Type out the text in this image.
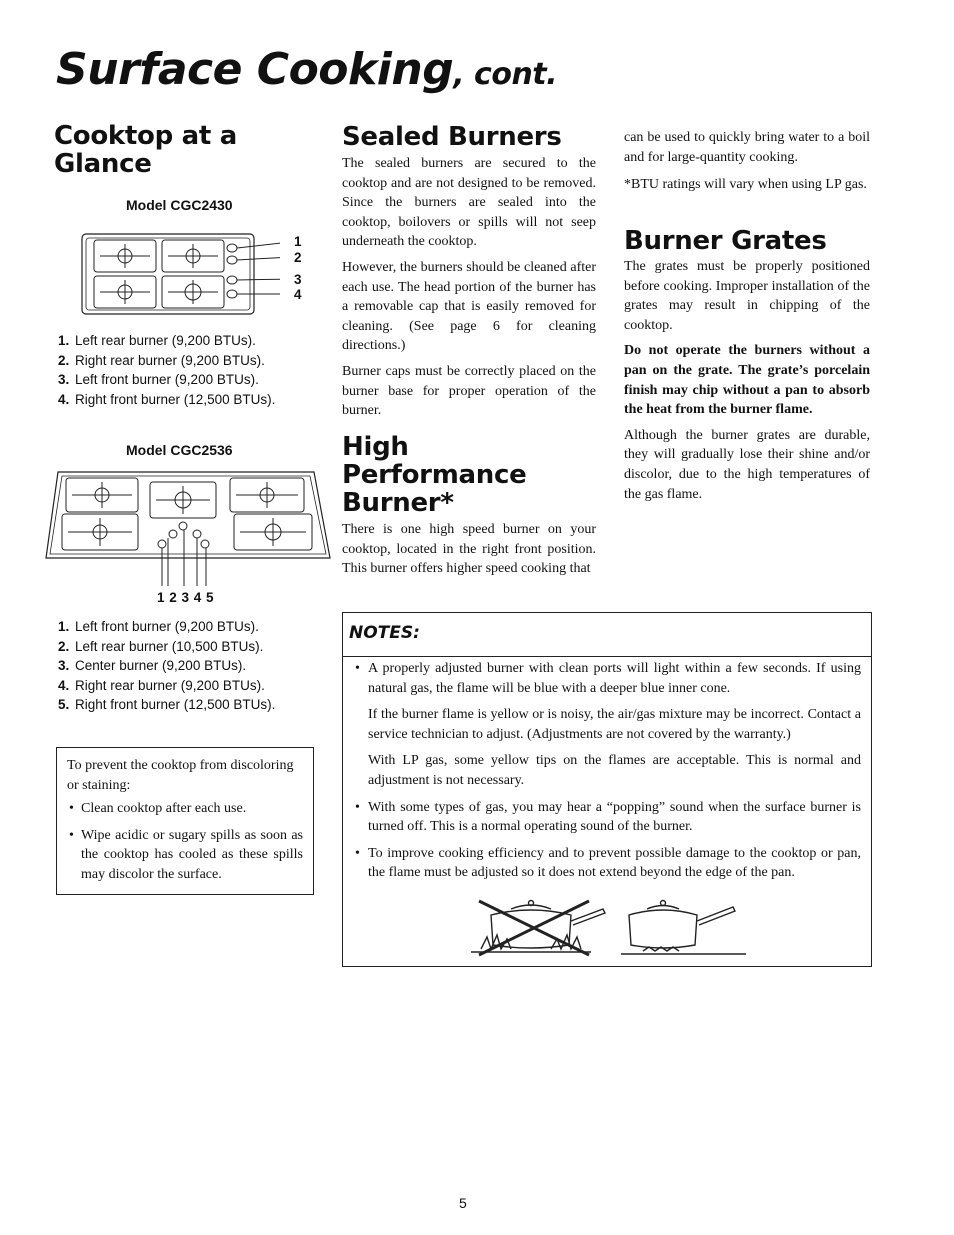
Surface Cooking, cont.
Cooktop at a
Glance
Model CGC2430
1
2
3
4
1. Left rear burner (9,200 BTUs).
2. Right rear burner (9,200 BTUs).
3. Left front burner (9,200 BTUs).
4. Right front burner (12,500 BTUs).
Model CGC2536
1 2 3 4 5
1. Left front burner (9,200 BTUs).
2. Left rear burner (10,500 BTUs).
3. Center burner (9,200 BTUs).
4. Right rear burner (9,200 BTUs).
5. Right front burner (12,500 BTUs).
To prevent the cooktop from discoloring or staining:
• Clean cooktop after each use.
• Wipe acidic or sugary spills as soon as the cooktop has cooled as these spills may discolor the surface.
Sealed Burners

The sealed burners are secured to the cooktop and are not designed to be removed. Since the burners are sealed into the cooktop, boilovers or spills will not seep underneath the cooktop.

However, the burners should be cleaned after each use. The head portion of the burner has a removable cap that is easily removed for cleaning. (See page 6 for cleaning directions.)

Burner caps must be correctly placed on the burner base for proper operation of the burner.

High
Performance
Burner*
There is one high speed burner on your cooktop, located in the right front position. This burner offers higher speed cooking that

can be used to quickly bring water to a boil and for large-quantity cooking.

*BTU ratings will vary when using LP gas.

Burner Grates

The grates must be properly positioned before cooking. Improper installation of the grates may result in chipping of the cooktop.

Do not operate the burners without a pan on the grate. The grate’s porcelain finish may chip without a pan to absorb the heat from the burner flame.

Although the burner grates are durable, they will gradually lose their shine and/or discolor, due to the high temperatures of the gas flame.

NOTES:

• A properly adjusted burner with clean ports will light within a few seconds. If using natural gas, the flame will be blue with a deeper blue inner cone.

If the burner flame is yellow or is noisy, the air/gas mixture may be incorrect. Contact a service technician to adjust. (Adjustments are not covered by the warranty.)

With LP gas, some yellow tips on the flames are acceptable. This is normal and adjustment is not necessary.

• With some types of gas, you may hear a “popping” sound when the surface burner is turned off. This is a normal operating sound of the burner.

• To improve cooking efficiency and to prevent possible damage to the cooktop or pan, the flame must be adjusted so it does not extend beyond the edge of the pan.

5
